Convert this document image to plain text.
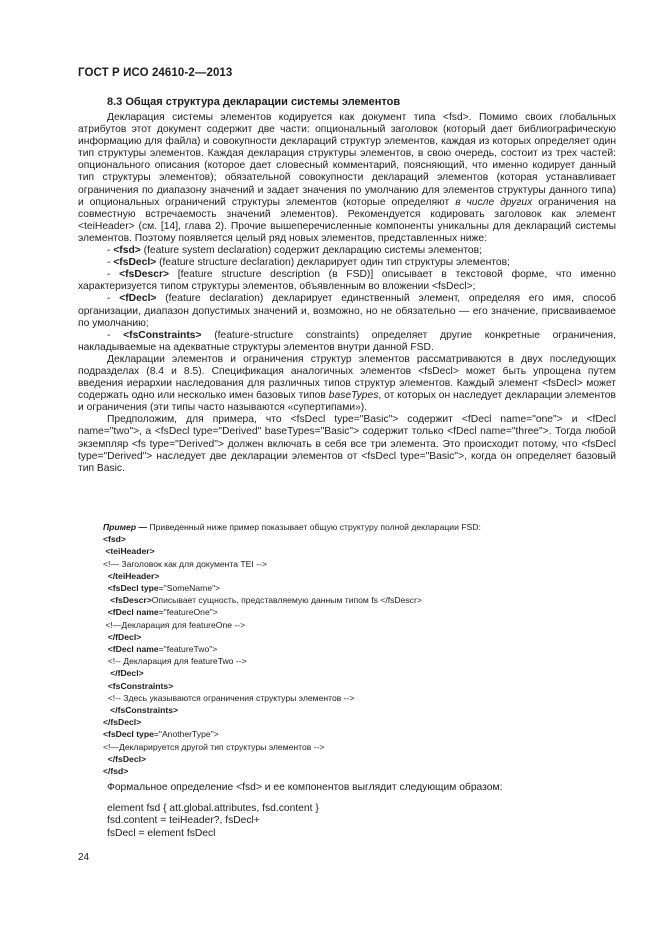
ГОСТ Р ИСО 24610-2—2013
8.3 Общая структура декларации системы элементов

Декларация системы элементов кодируется как документ типа <fsd>. Помимо своих глобальных атрибутов этот документ содержит две части: опциональный заголовок (который дает библиографическую информацию для файла) и совокупности деклараций структур элементов, каждая из которых определяет один тип структуры элементов. Каждая декларация структуры элементов, в свою очередь, состоит из трех частей: опционального описания (которое дает словесный комментарий, поясняющий, что именно кодирует данный тип структуры элементов); обязательной совокупности деклараций элементов (которая устанавливает ограничения по диапазону значений и задает значения по умолчанию для элементов структуры данного типа) и опциональных ограничений структуры элементов (которые определяют в числе других ограничения на совместную встречаемость значений элементов). Рекомендуется кодировать заголовок как элемент <teiHeader> (см. [14], глава 2). Прочие вышеперечисленные компоненты уникальны для деклараций системы элементов. Поэтому появляется целый ряд новых элементов, представленных ниже:

- <fsd> (feature system declaration) содержит декларацию системы элементов;

- <fsDecl> (feature structure declaration) декларирует один тип структуры элементов;

- <fsDescr> [feature structure description (в FSD)] описывает в текстовой форме, что именно характеризуется типом структуры элементов, объявленным во вложении <fsDecl>;

- <fDecl> (feature declaration) декларирует единственный элемент, определяя его имя, способ организации, диапазон допустимых значений и, возможно, но не обязательно — его значение, присваиваемое по умолчанию;

- <fsConstraints> (feature-structure constraints) определяет другие конкретные ограничения, накладываемые на адекватные структуры элементов внутри данной FSD.

Декларации элементов и ограничения структур элементов рассматриваются в двух последующих подразделах (8.4 и 8.5). Спецификация аналогичных элементов <fsDecl> может быть упрощена путем введения иерархии наследования для различных типов структур элементов. Каждый элемент <fsDecl> может содержать одно или несколько имен базовых типов baseTypes, от которых он наследует декларации элементов и ограничения (эти типы часто называются «супертипами»).

Предположим, для примера, что <fsDecl type="Basic"> содержит <fDecl name="one"> и <fDecl name="two">, а <fsDecl type="Derived" baseTypes="Basic"> содержит только <fDecl name="three">. Тогда любой экземпляр <fs type="Derived"> должен включать в себя все три элемента. Это происходит потому, что <fsDecl type="Derived"> наследует две декларации элементов от <fsDecl type="Basic">, когда он определяет базовый тип Basic.

Пример — Приведенный ниже пример показывает общую структуру полной декларации FSD:
<fsd>
<teiHeader>
<!— Заголовок как для документа TEI -->
</teiHeader>
<fsDecl type="SomeName">
<fsDescr>Описывает сущность, представляемую данным типом fs </fsDescr>
<fDecl name="featureOne">
<!—Декларация для featureOne -->
</fDecl>
<fDecl name="featureTwo">
<!-- Декларация для featureTwo -->
</fDecl>
<fsConstraints>
<!-- Здесь указываются ограничения структуры элементов -->
</fsConstraints>
</fsDecl>
<fsDecl type="AnotherType">
<!—Декларируется другой тип структуры элементов -->
</fsDecl>
</fsd>
Формальное определение <fsd> и ее компонентов выглядит следующим образом:
element fsd { att.global.attributes, fsd.content }
fsd.content = teiHeader?, fsDecl+
fsDecl = element fsDecl
24
